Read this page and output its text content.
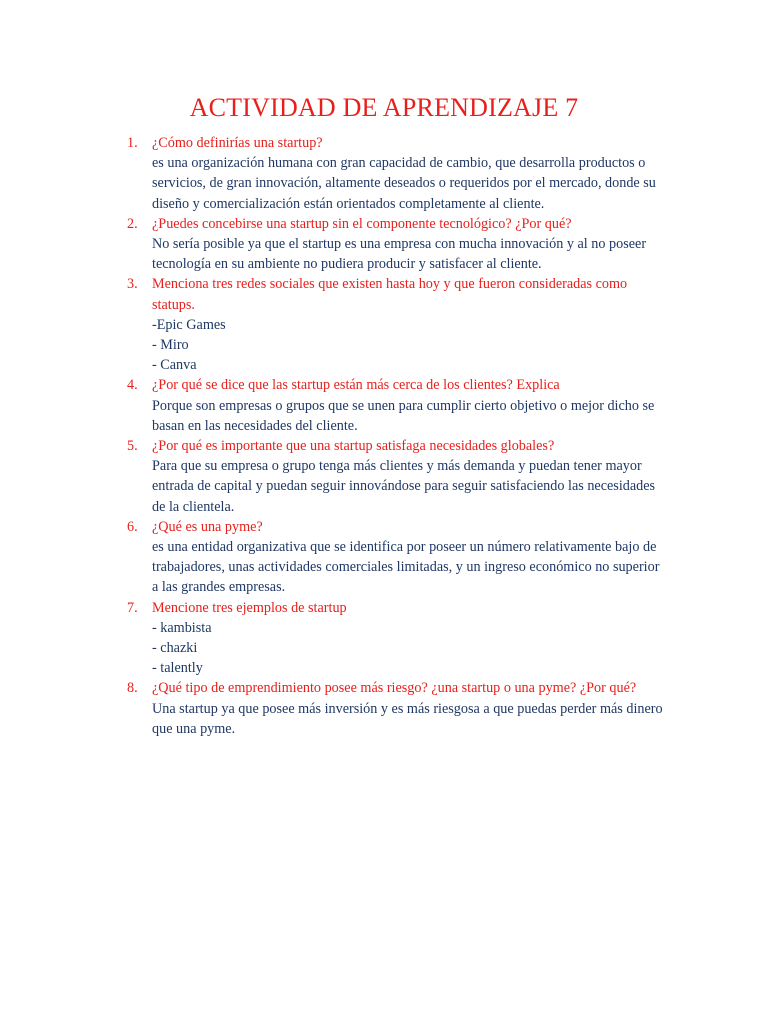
ACTIVIDAD DE APRENDIZAJE 7
1. ¿Cómo definirías una startup?
es una organización humana con gran capacidad de cambio, que desarrolla productos o servicios, de gran innovación, altamente deseados o requeridos por el mercado, donde su diseño y comercialización están orientados completamente al cliente.
2. ¿Puedes concebirse una startup sin el componente tecnológico? ¿Por qué?
No sería posible ya que el startup es una empresa con mucha innovación y al no poseer tecnología en su ambiente no pudiera producir y satisfacer al cliente.
3. Menciona tres redes sociales que existen hasta hoy y que fueron consideradas como statups.
-Epic Games
- Miro
- Canva
4. ¿Por qué se dice que las startup están más cerca de los clientes? Explica
Porque son empresas o grupos que se unen para cumplir cierto objetivo o mejor dicho se basan en las necesidades del cliente.
5. ¿Por qué es importante que una startup satisfaga necesidades globales?
Para que su empresa o grupo tenga más clientes y más demanda y puedan tener mayor entrada de capital y puedan seguir innovándose para seguir satisfaciendo las necesidades de la clientela.
6. ¿Qué es una pyme?
es una entidad organizativa que se identifica por poseer un número relativamente bajo de trabajadores, unas actividades comerciales limitadas, y un ingreso económico no superior a las grandes empresas.
7. Mencione tres ejemplos de startup
- kambista
- chazki
- talently
8. ¿Qué tipo de emprendimiento posee más riesgo? ¿una startup o una pyme? ¿Por qué?
Una startup ya que posee más inversión y es más riesgosa a que puedas perder más dinero que una pyme.
